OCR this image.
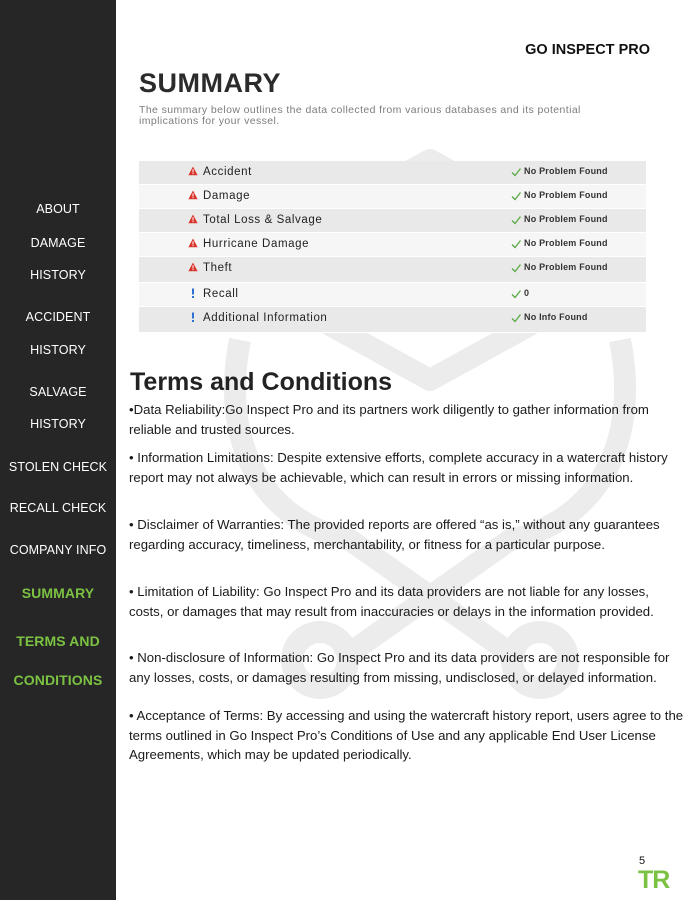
ABOUT
DAMAGE
HISTORY
ACCIDENT
HISTORY
SALVAGE
HISTORY
STOLEN CHECK
RECALL CHECK
COMPANY INFO
SUMMARY
TERMS AND
CONDITIONS
GO INSPECT PRO
SUMMARY
The summary below outlines the data collected from various databases and its potential implications for your vessel.
Accident	No Problem Found
Damage	No Problem Found
Total Loss & Salvage	No Problem Found
Hurricane Damage	No Problem Found
Theft	No Problem Found
Recall	0
Additional Information	No Info Found
Terms and Conditions

•Data Reliability:Go Inspect Pro and its partners work diligently to gather information from reliable and trusted sources.

• Information Limitations: Despite extensive efforts, complete accuracy in a watercraft history report may not always be achievable, which can result in errors or missing information.

• Disclaimer of Warranties: The provided reports are offered “as is,” without any guarantees regarding accuracy, timeliness, merchantability, or fitness for a particular purpose.

• Limitation of Liability: Go Inspect Pro and its data providers are not liable for any losses, costs, or damages that may result from inaccuracies or delays in the information provided.

• Non-disclosure of Information: Go Inspect Pro and its data providers are not responsible for any losses, costs, or damages resulting from missing, undisclosed, or delayed information.

• Acceptance of Terms: By accessing and using the watercraft history report, users agree to the terms outlined in Go Inspect Pro’s Conditions of Use and any applicable End User License Agreements, which may be updated periodically.

5
TR
